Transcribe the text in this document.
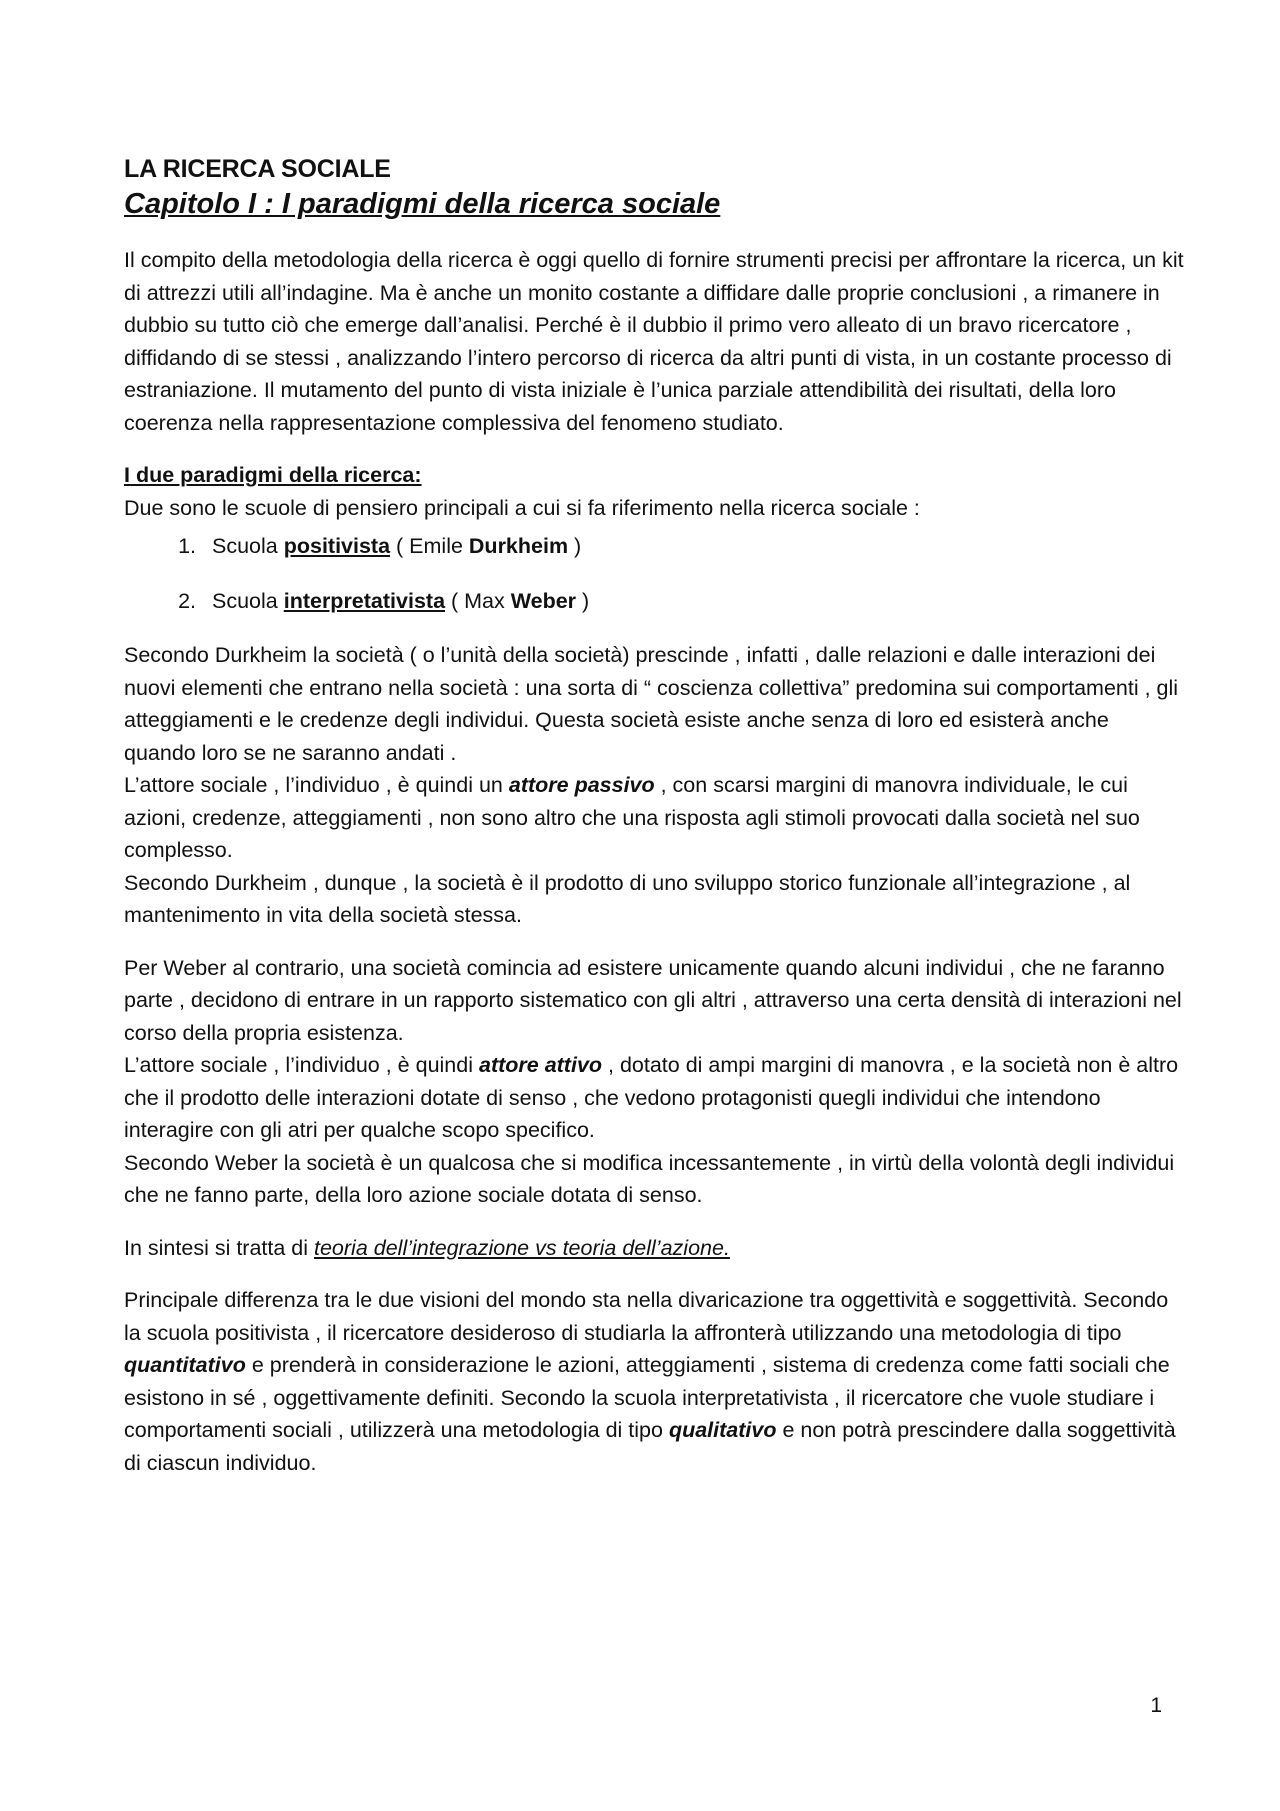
LA RICERCA SOCIALE
Capitolo I : I paradigmi della ricerca sociale

Il compito della metodologia della ricerca è oggi quello di fornire strumenti precisi per affrontare la ricerca, un kit di attrezzi utili all’indagine. Ma è anche un monito costante a diffidare dalle proprie conclusioni , a rimanere in dubbio su tutto ciò che emerge dall’analisi. Perché è il dubbio il primo vero alleato di un bravo ricercatore , diffidando di se stessi , analizzando l’intero percorso di ricerca da altri punti di vista, in un costante processo di estraniazione. Il mutamento del punto di vista iniziale è l’unica parziale attendibilità dei risultati, della loro coerenza nella rappresentazione complessiva del fenomeno studiato.

I due paradigmi della ricerca:

Due sono le scuole di pensiero principali a cui si fa riferimento nella ricerca sociale :

1. Scuola positivista ( Emile Durkheim )
2. Scuola interpretativista ( Max Weber )

Secondo Durkheim la società ( o l’unità della società) prescinde , infatti , dalle relazioni e dalle interazioni dei nuovi elementi che entrano nella società : una sorta di “ coscienza collettiva” predomina sui comportamenti , gli atteggiamenti e le credenze degli individui. Questa società esiste anche senza di loro ed esisterà anche quando loro se ne saranno andati .

L’attore sociale , l’individuo , è quindi un attore passivo , con scarsi margini di manovra individuale, le cui azioni, credenze, atteggiamenti , non sono altro che una risposta agli stimoli provocati dalla società nel suo complesso.

Secondo Durkheim , dunque , la società è il prodotto di uno sviluppo storico funzionale all’integrazione , al mantenimento in vita della società stessa.

Per Weber al contrario, una società comincia ad esistere unicamente quando alcuni individui , che ne faranno parte , decidono di entrare in un rapporto sistematico con gli altri , attraverso una certa densità di interazioni nel corso della propria esistenza.

L’attore sociale , l’individuo , è quindi attore attivo , dotato di ampi margini di manovra , e la società non è altro che il prodotto delle interazioni dotate di senso , che vedono protagonisti quegli individui che intendono interagire con gli atri per qualche scopo specifico.

Secondo Weber la società è un qualcosa che si modifica incessantemente , in virtù della volontà degli individui che ne fanno parte, della loro azione sociale dotata di senso.

In sintesi si tratta di teoria dell’integrazione vs teoria dell’azione.

Principale differenza tra le due visioni del mondo sta nella divaricazione tra oggettività e soggettività. Secondo la scuola positivista , il ricercatore desideroso di studiarla la affronterà utilizzando una metodologia di tipo quantitativo e prenderà in considerazione le azioni, atteggiamenti , sistema di credenza come fatti sociali che esistono in sé , oggettivamente definiti. Secondo la scuola interpretativista , il ricercatore che vuole studiare i comportamenti sociali , utilizzerà una metodologia di tipo qualitativo e non potrà prescindere dalla soggettività di ciascun individuo.

1
